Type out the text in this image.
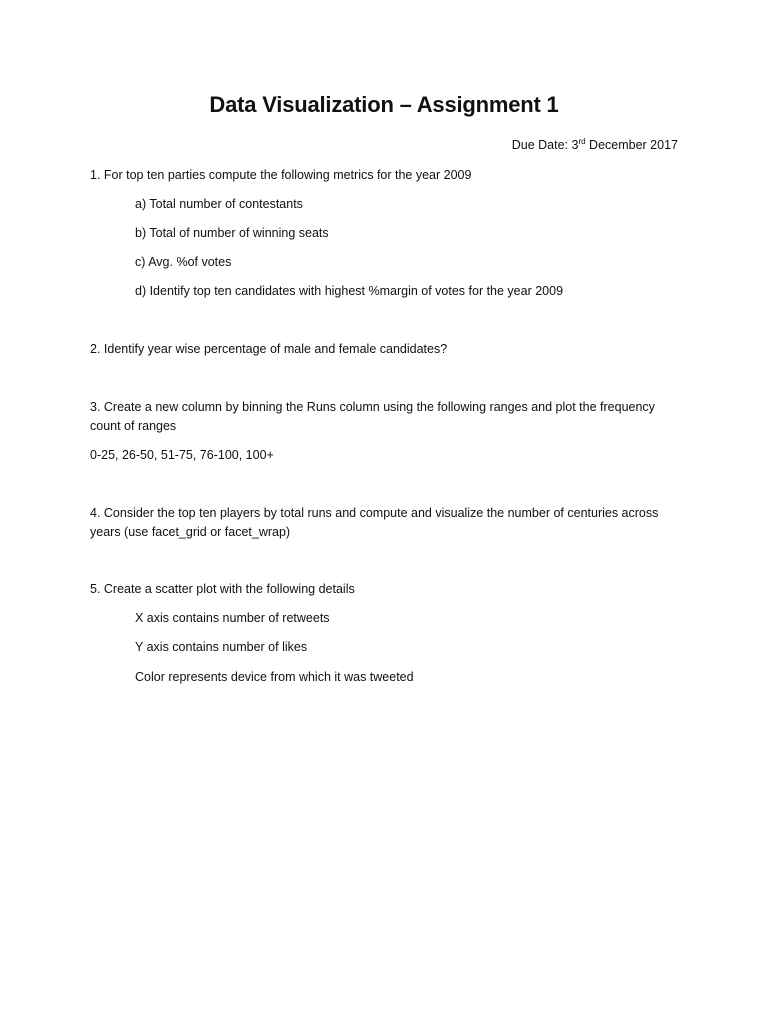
Data Visualization – Assignment 1
Due Date: 3rd December 2017
1. For top ten parties compute the following metrics for the year 2009
a) Total number of contestants
b) Total of number of winning seats
c) Avg. %of votes
d) Identify top ten candidates with highest %margin of votes for the year 2009
2. Identify year wise percentage of male and female candidates?
3. Create a new column by binning the Runs column using the following ranges and plot the frequency count of ranges
0-25, 26-50, 51-75, 76-100, 100+
4. Consider the top ten players by total runs and compute and visualize the number of centuries across years (use facet_grid or facet_wrap)
5. Create a scatter plot with the following details
X axis contains number of retweets
Y axis contains number of likes
Color represents device from which it was tweeted
